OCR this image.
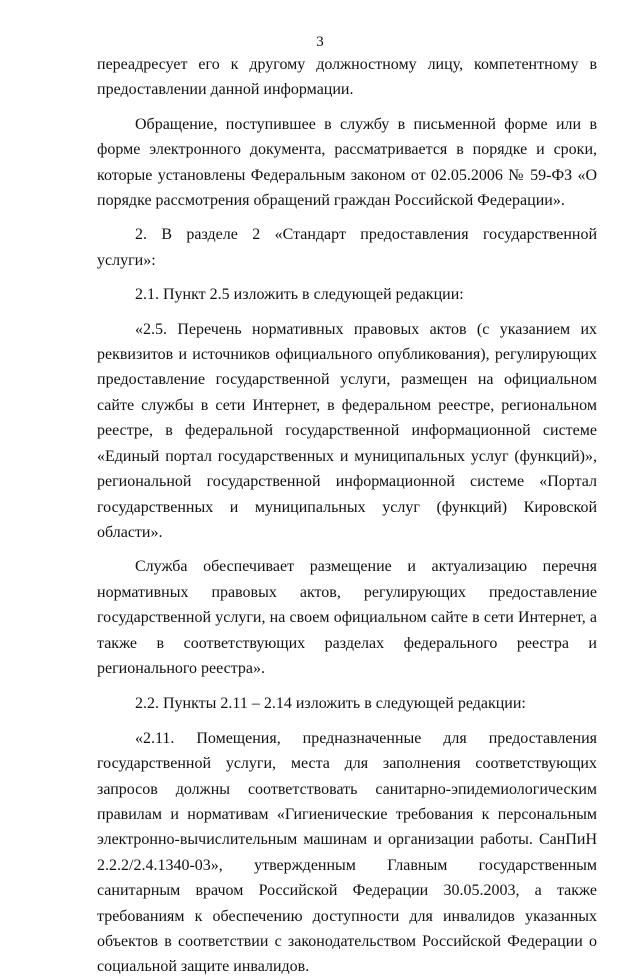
3

переадресует его к другому должностному лицу, компетентному в предоставлении данной информации.

Обращение, поступившее в службу в письменной форме или в форме электронного документа, рассматривается в порядке и сроки, которые установлены Федеральным законом от 02.05.2006 № 59-ФЗ «О порядке рассмотрения обращений граждан Российской Федерации».

2. В разделе 2 «Стандарт предоставления государственной услуги»:

2.1. Пункт 2.5 изложить в следующей редакции:

«2.5. Перечень нормативных правовых актов (с указанием их реквизитов и источников официального опубликования), регулирующих предоставление государственной услуги, размещен на официальном сайте службы в сети Интернет, в федеральном реестре, региональном реестре, в федеральной государственной информационной системе «Единый портал государственных и муниципальных услуг (функций)», региональной государственной информационной системе «Портал государственных и муниципальных услуг (функций) Кировской области».

Служба обеспечивает размещение и актуализацию перечня нормативных правовых актов, регулирующих предоставление государственной услуги, на своем официальном сайте в сети Интернет, а также в соответствующих разделах федерального реестра и регионального реестра».

2.2. Пункты 2.11 – 2.14 изложить в следующей редакции:

«2.11. Помещения, предназначенные для предоставления государственной услуги, места для заполнения соответствующих запросов должны соответствовать санитарно-эпидемиологическим правилам и нормативам «Гигиенические требования к персональным электронно-вычислительным машинам и организации работы. СанПиН 2.2.2/2.4.1340-03», утвержденным Главным государственным санитарным врачом Российской Федерации 30.05.2003, а также требованиям к обеспечению доступности для инвалидов указанных объектов в соответствии с законодательством Российской Федерации о социальной защите инвалидов.
